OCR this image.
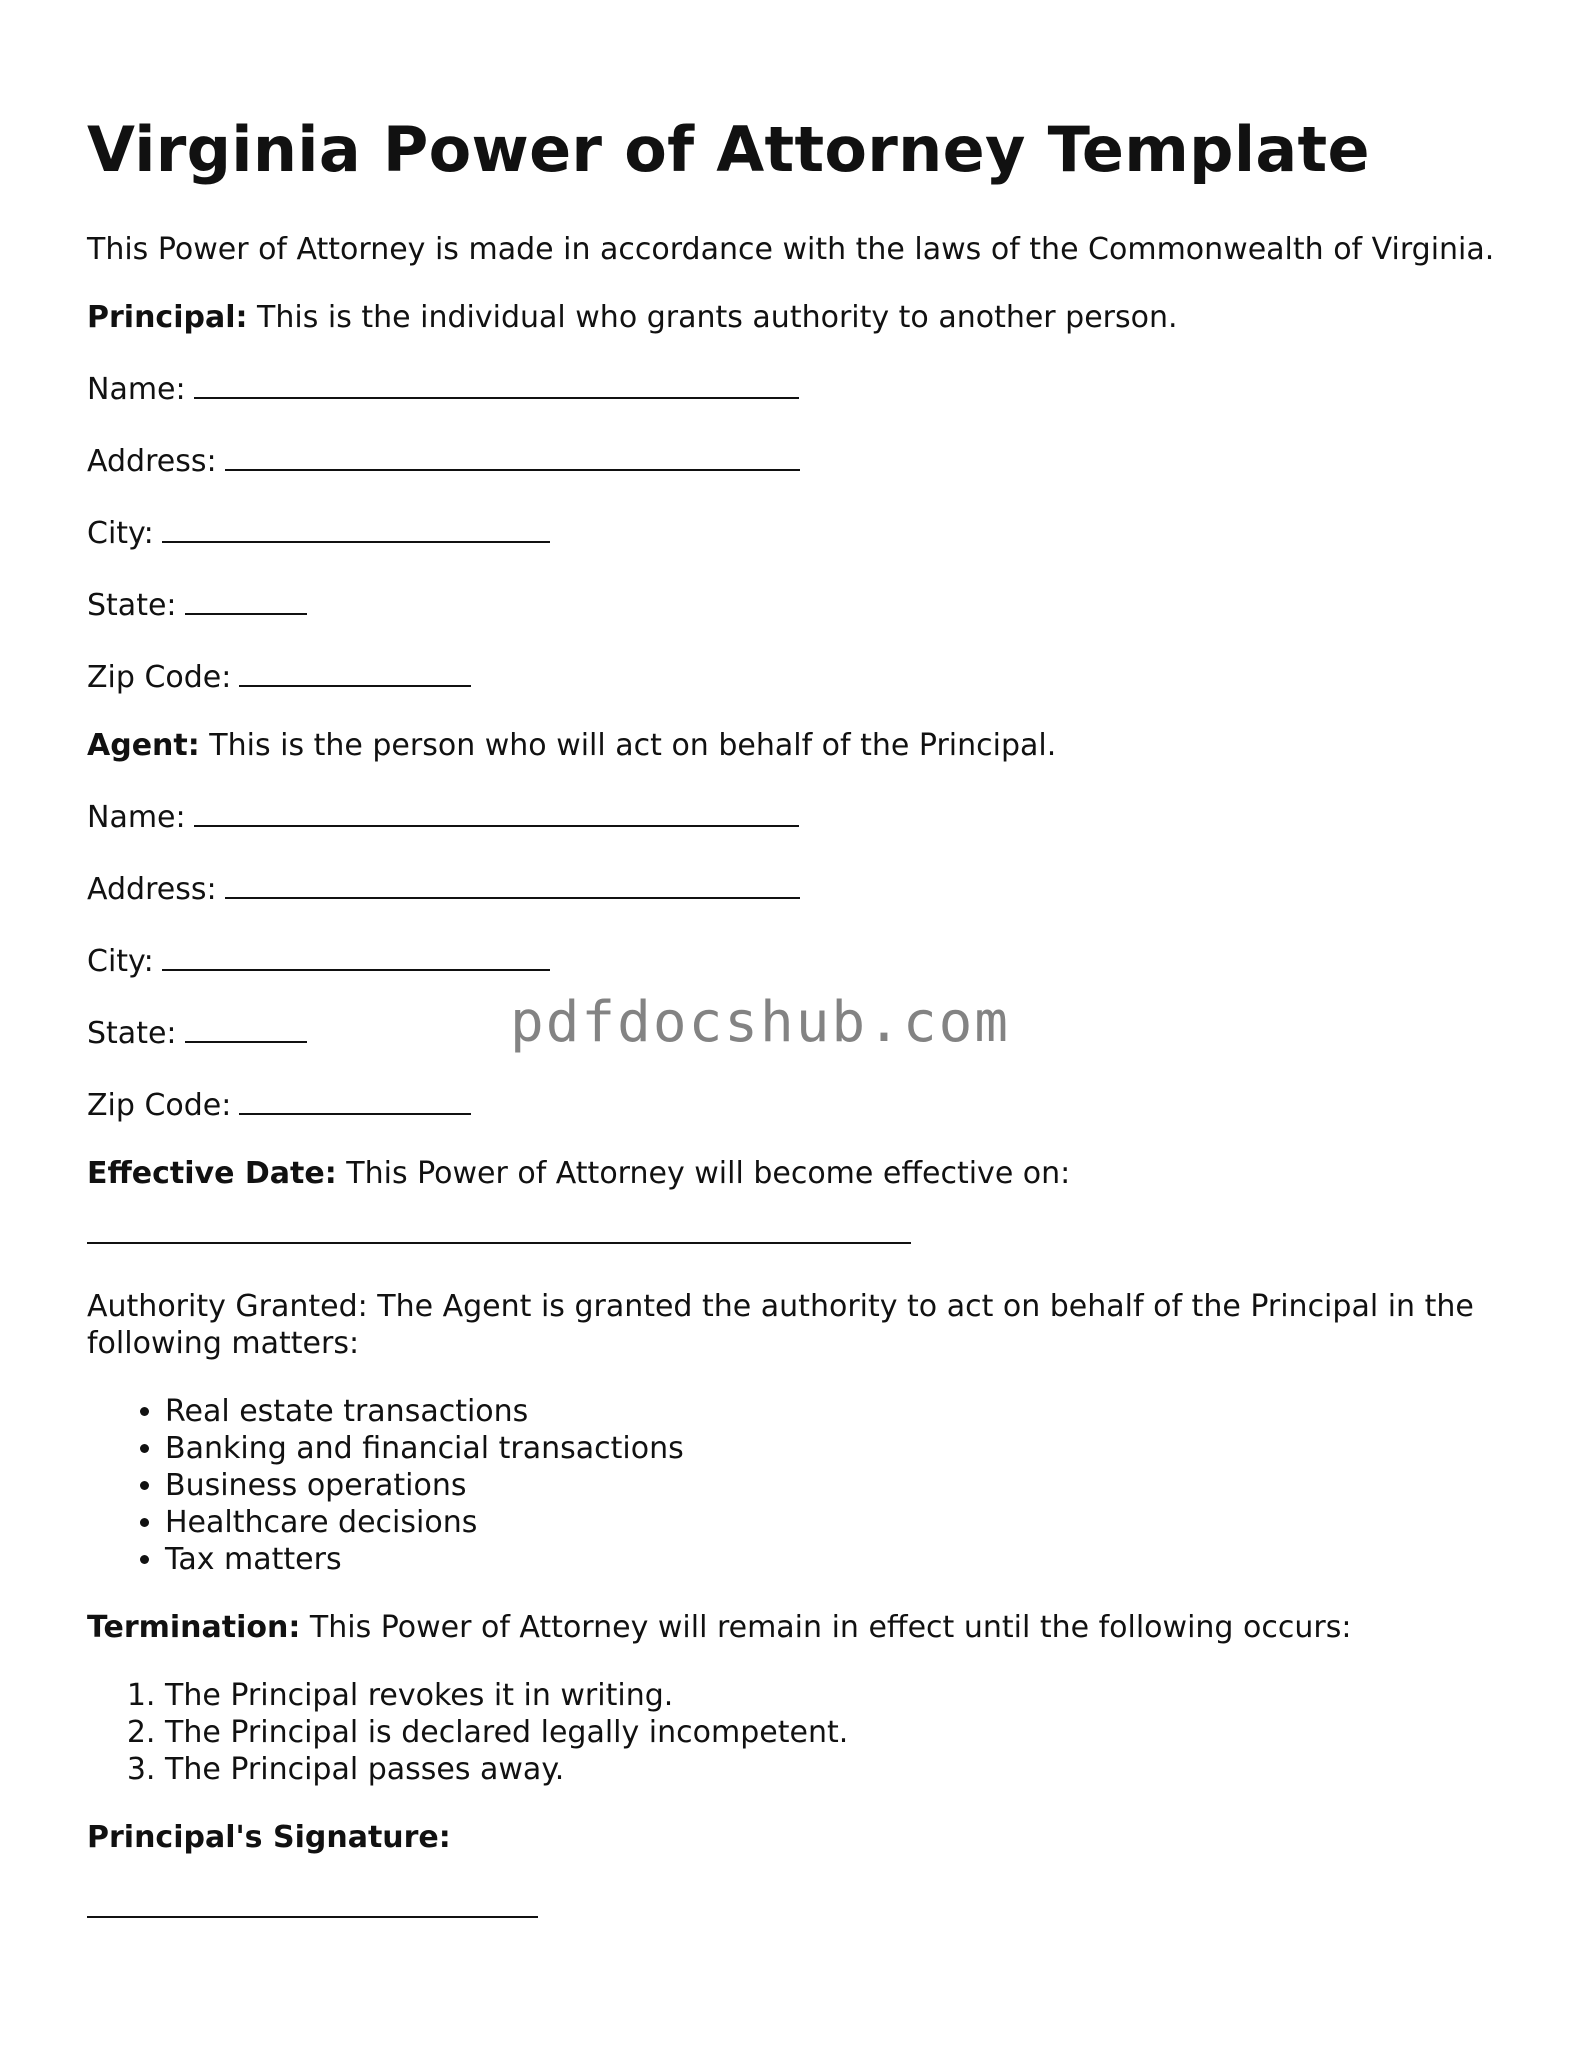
Virginia Power of Attorney Template

This Power of Attorney is made in accordance with the laws of the Commonwealth of Virginia.

Principal: This is the individual who grants authority to another person.

Name:
Address:
City:
State:
Zip Code:

Agent: This is the person who will act on behalf of the Principal.

Name:
Address:
City:
State:
Zip Code:

Effective Date: This Power of Attorney will become effective on:

Authority Granted: The Agent is granted the authority to act on behalf of the Principal in the following matters:

• Real estate transactions
• Banking and financial transactions
• Business operations
• Healthcare decisions
• Tax matters

Termination: This Power of Attorney will remain in effect until the following occurs:

1. The Principal revokes it in writing.
2. The Principal is declared legally incompetent.
3. The Principal passes away.

Principal's Signature:

pdfdocshub.com
